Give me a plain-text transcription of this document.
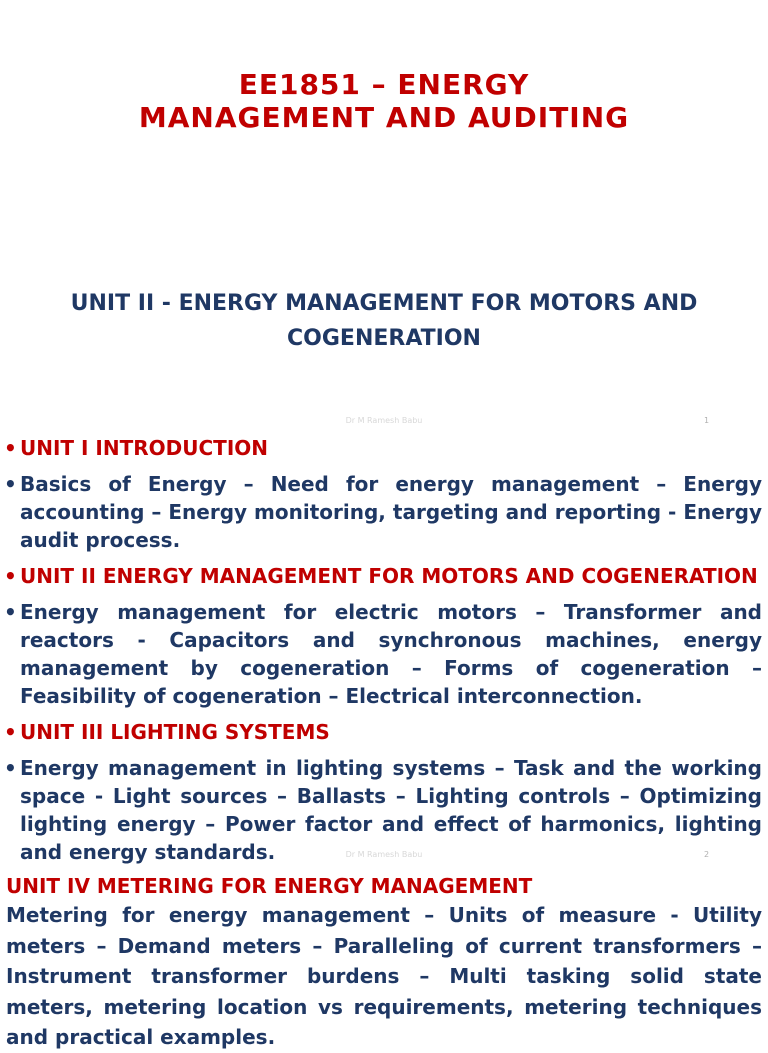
EE1851 – ENERGY
MANAGEMENT AND AUDITING
UNIT II - ENERGY MANAGEMENT FOR MOTORS AND COGENERATION
Dr M Ramesh Babu	1
• UNIT I INTRODUCTION
• Basics of Energy – Need for energy management – Energy accounting – Energy monitoring, targeting and reporting - Energy audit process.
• UNIT II ENERGY MANAGEMENT FOR MOTORS AND COGENERATION
• Energy management for electric motors – Transformer and reactors - Capacitors and synchronous machines, energy management by cogeneration – Forms of cogeneration – Feasibility of cogeneration – Electrical interconnection.
• UNIT III LIGHTING SYSTEMS
• Energy management in lighting systems – Task and the working space - Light sources – Ballasts – Lighting controls – Optimizing lighting energy – Power factor and effect of harmonics, lighting and energy standards.	Dr M Ramesh Babu	2
UNIT IV METERING FOR ENERGY MANAGEMENT
Metering for energy management – Units of measure - Utility meters – Demand meters – Paralleling of current transformers – Instrument transformer burdens – Multi tasking solid state meters, metering location vs requirements, metering techniques and practical examples.
